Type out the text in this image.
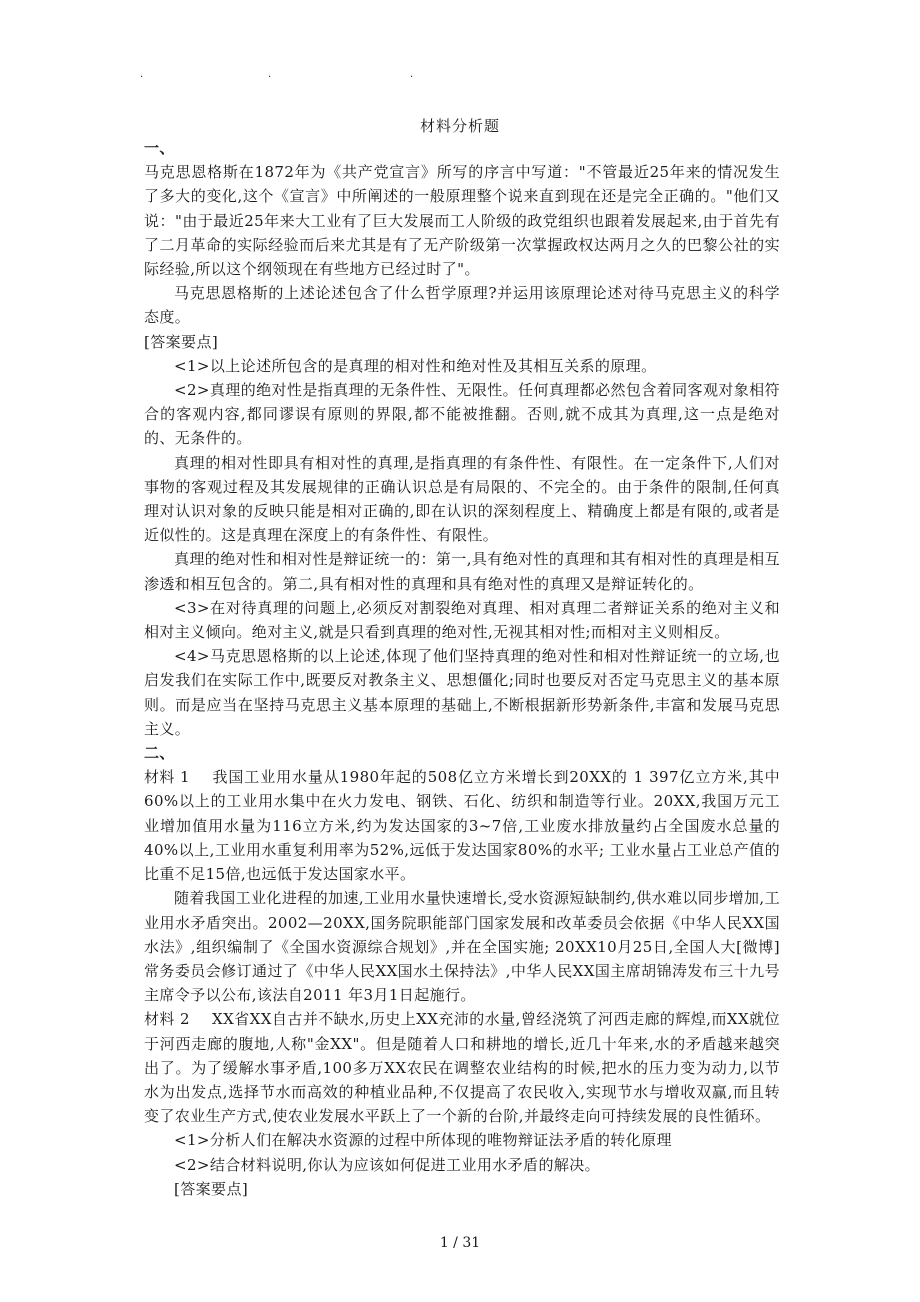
.	.	.
材料分析题

一、

马克思恩格斯在1872年为《共产党宣言》所写的序言中写道："不管最近25年来的情况发生了多大的变化,这个《宣言》中所阐述的一般原理整个说来直到现在还是完全正确的。"他们又说："由于最近25年来大工业有了巨大发展而工人阶级的政党组织也跟着发展起来,由于首先有了二月革命的实际经验而后来尤其是有了无产阶级第一次掌握政权达两月之久的巴黎公社的实际经验,所以这个纲领现在有些地方已经过时了"。

马克思恩格斯的上述论述包含了什么哲学原理?并运用该原理论述对待马克思主义的科学态度。

[答案要点]

<1>以上论述所包含的是真理的相对性和绝对性及其相互关系的原理。

<2>真理的绝对性是指真理的无条件性、无限性。任何真理都必然包含着同客观对象相符合的客观内容,都同谬误有原则的界限,都不能被推翻。否则,就不成其为真理,这一点是绝对的、无条件的。

真理的相对性即具有相对性的真理,是指真理的有条件性、有限性。在一定条件下,人们对事物的客观过程及其发展规律的正确认识总是有局限的、不完全的。由于条件的限制,任何真理对认识对象的反映只能是相对正确的,即在认识的深刻程度上、精确度上都是有限的,或者是近似性的。这是真理在深度上的有条件性、有限性。

真理的绝对性和相对性是辩证统一的：第一,具有绝对性的真理和其有相对性的真理是相互渗透和相互包含的。第二,具有相对性的真理和具有绝对性的真理又是辩证转化的。

<3>在对待真理的问题上,必须反对割裂绝对真理、相对真理二者辩证关系的绝对主义和相对主义倾向。绝对主义,就是只看到真理的绝对性,无视其相对性;而相对主义则相反。

<4>马克思恩格斯的以上论述,体现了他们坚持真理的绝对性和相对性辩证统一的立场,也启发我们在实际工作中,既要反对教条主义、思想僵化;同时也要反对否定马克思主义的基本原则。而是应当在坚持马克思主义基本原理的基础上,不断根据新形势新条件,丰富和发展马克思主义。

二、

材料 1 我国工业用水量从1980年起的508亿立方米增长到20XX的 1 397亿立方米,其中60%以上的工业用水集中在火力发电、钢铁、石化、纺织和制造等行业。20XX,我国万元工业增加值用水量为116立方米,约为发达国家的3~7倍,工业废水排放量约占全国废水总量的40%以上,工业用水重复利用率为52%,远低于发达国家80%的水平; 工业水量占工业总产值的比重不足15倍,也远低于发达国家水平。

随着我国工业化进程的加速,工业用水量快速增长,受水资源短缺制约,供水难以同步增加,工业用水矛盾突出。2002—20XX,国务院职能部门国家发展和改革委员会依据《中华人民XX国水法》,组织编制了《全国水资源综合规划》,并在全国实施; 20XX10月25日,全国人大[微博]常务委员会修订通过了《中华人民XX国水土保持法》,中华人民XX国主席胡锦涛发布三十九号主席令予以公布,该法自2011 年3月1日起施行。

材料 2 XX省XX自古并不缺水,历史上XX充沛的水量,曾经浇筑了河西走廊的辉煌,而XX就位于河西走廊的腹地,人称"金XX"。但是随着人口和耕地的增长,近几十年来,水的矛盾越来越突出了。为了缓解水事矛盾,100多万XX农民在调整农业结构的时候,把水的压力变为动力,以节水为出发点,选择节水而高效的种植业品种,不仅提高了农民收入,实现节水与增收双赢,而且转变了农业生产方式,使农业发展水平跃上了一个新的台阶,并最终走向可持续发展的良性循环。

<1>分析人们在解决水资源的过程中所体现的唯物辩证法矛盾的转化原理

<2>结合材料说明,你认为应该如何促进工业用水矛盾的解决。

[答案要点]

1 / 31
